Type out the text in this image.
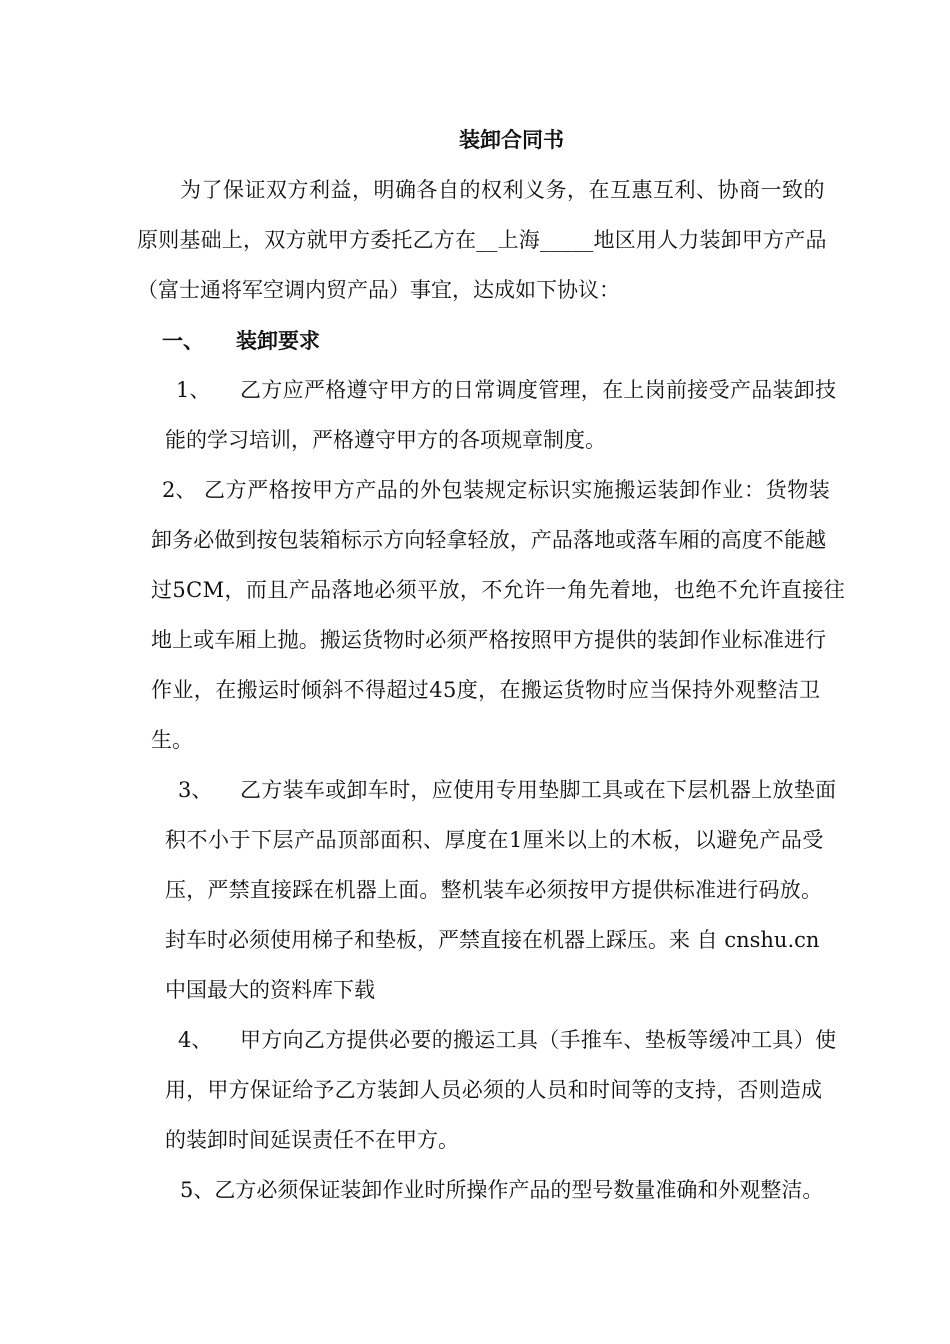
装卸合同书
为了保证双方利益，明确各自的权利义务，在互惠互利、协商一致的
原则基础上，双方就甲方委托乙方在__上海_____地区用人力装卸甲方产品
（富士通将军空调内贸产品）事宜，达成如下协议：
一、 装卸要求
1、 乙方应严格遵守甲方的日常调度管理，在上岗前接受产品装卸技
能的学习培训，严格遵守甲方的各项规章制度。
2、 乙方严格按甲方产品的外包装规定标识实施搬运装卸作业：货物装
卸务必做到按包装箱标示方向轻拿轻放，产品落地或落车厢的高度不能越
过5CM，而且产品落地必须平放，不允许一角先着地，也绝不允许直接往
地上或车厢上抛。搬运货物时必须严格按照甲方提供的装卸作业标准进行
作业，在搬运时倾斜不得超过45度，在搬运货物时应当保持外观整洁卫
生。
3、 乙方装车或卸车时，应使用专用垫脚工具或在下层机器上放垫面
积不小于下层产品顶部面积、厚度在1厘米以上的木板，以避免产品受
压，严禁直接踩在机器上面。整机装车必须按甲方提供标准进行码放。
封车时必须使用梯子和垫板，严禁直接在机器上踩压。来 自 cnshu.cn
中国最大的资料库下载
4、 甲方向乙方提供必要的搬运工具（手推车、垫板等缓冲工具）使
用，甲方保证给予乙方装卸人员必须的人员和时间等的支持，否则造成
的装卸时间延误责任不在甲方。
5、乙方必须保证装卸作业时所操作产品的型号数量准确和外观整洁。
